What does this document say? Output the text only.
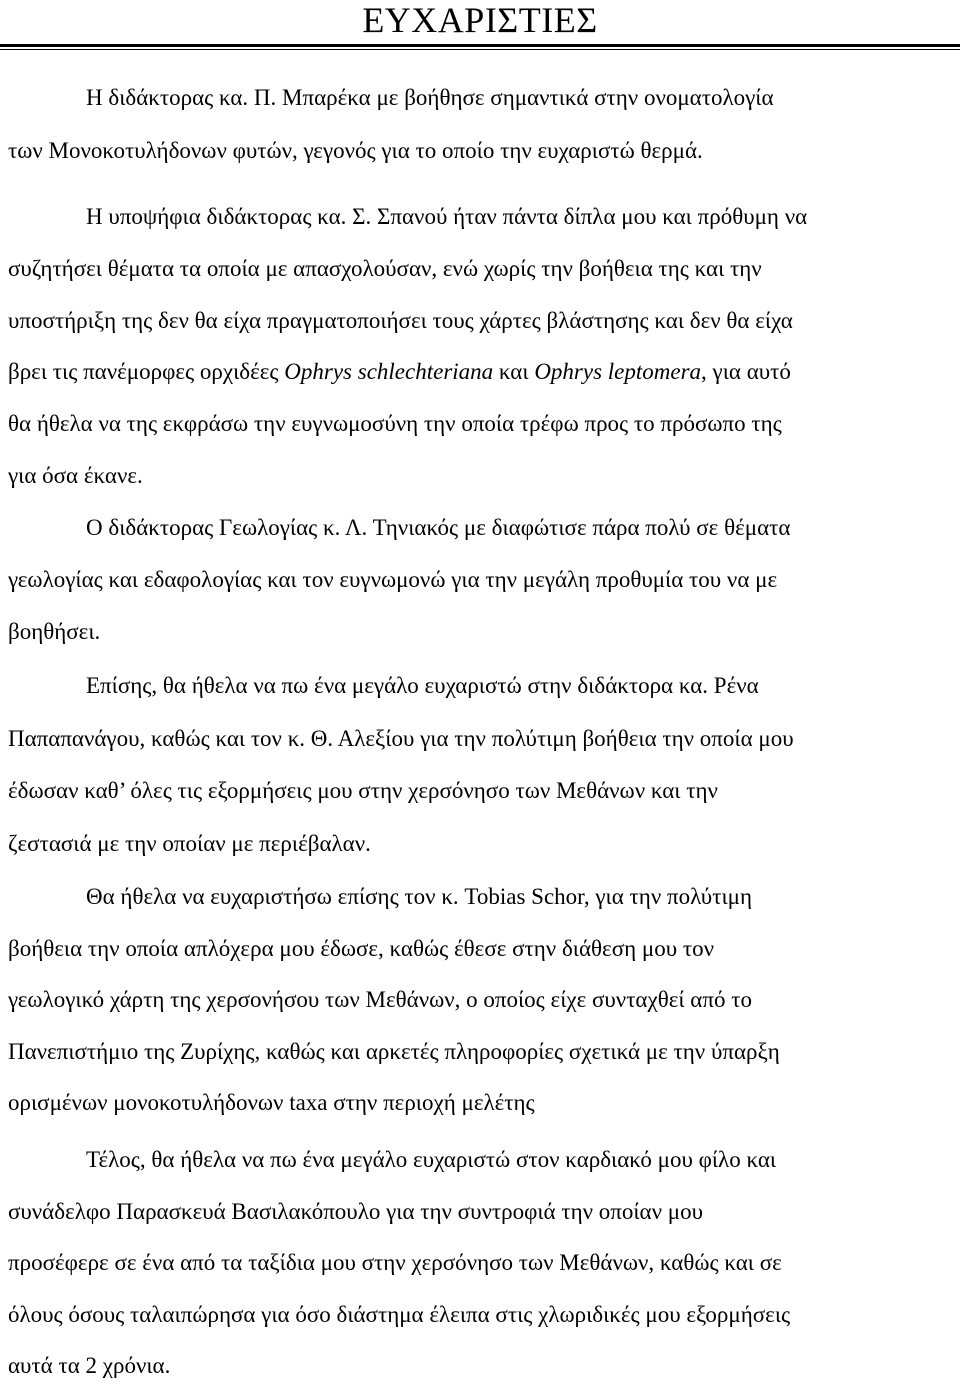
ΕΥΧΑΡΙΣΤΙΕΣ

Η διδάκτορας κα. Π. Μπαρέκα με βοήθησε σημαντικά στην ονοματολογία
των Μονοκοτυλήδονων φυτών, γεγονός για το οποίο την ευχαριστώ θερμά.

Η υποψήφια διδάκτορας κα. Σ. Σπανού ήταν πάντα δίπλα μου και πρόθυμη να
συζητήσει θέματα τα οποία με απασχολούσαν, ενώ χωρίς την βοήθεια της και την
υποστήριξη της δεν θα είχα πραγματοποιήσει τους χάρτες βλάστησης και δεν θα είχα
βρει τις πανέμορφες ορχιδέες Ophrys schlechteriana και Ophrys leptomera, για αυτό
θα ήθελα να της εκφράσω την ευγνωμοσύνη την οποία τρέφω προς το πρόσωπο της
για όσα έκανε.

Ο διδάκτορας Γεωλογίας κ. Λ. Τηνιακός με διαφώτισε πάρα πολύ σε θέματα
γεωλογίας και εδαφολογίας και τον ευγνωμονώ για την μεγάλη προθυμία του να με
βοηθήσει.

Επίσης, θα ήθελα να πω ένα μεγάλο ευχαριστώ στην διδάκτορα κα. Ρένα
Παπαπανάγου, καθώς και τον κ. Θ. Αλεξίου για την πολύτιμη βοήθεια την οποία μου
έδωσαν καθ’ όλες τις εξορμήσεις μου στην χερσόνησο των Μεθάνων και την
ζεστασιά με την οποίαν με περιέβαλαν.

Θα ήθελα να ευχαριστήσω επίσης τον κ. Tobias Schor, για την πολύτιμη
βοήθεια την οποία απλόχερα μου έδωσε, καθώς έθεσε στην διάθεση μου τον
γεωλογικό χάρτη της χερσονήσου των Μεθάνων, ο οποίος είχε συνταχθεί από το
Πανεπιστήμιο της Ζυρίχης, καθώς και αρκετές πληροφορίες σχετικά με την ύπαρξη
ορισμένων μονοκοτυλήδονων taxa στην περιοχή μελέτης

Τέλος, θα ήθελα να πω ένα μεγάλο ευχαριστώ στον καρδιακό μου φίλο και
συνάδελφο Παρασκευά Βασιλακόπουλο για την συντροφιά την οποίαν μου
προσέφερε σε ένα από τα ταξίδια μου στην χερσόνησο των Μεθάνων, καθώς και σε
όλους όσους ταλαιπώρησα για όσο διάστημα έλειπα στις χλωριδικές μου εξορμήσεις
αυτά τα 2 χρόνια.
